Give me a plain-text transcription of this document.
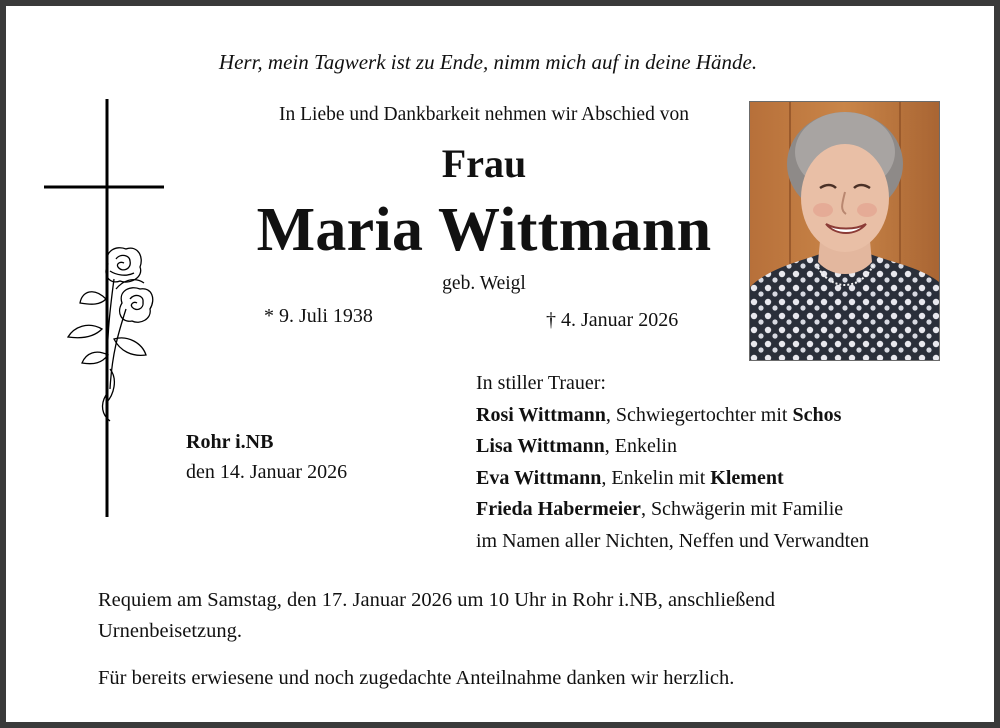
Herr, mein Tagwerk ist zu Ende, nimm mich auf in deine Hände.
In Liebe und Dankbarkeit nehmen wir Abschied von
Frau
Maria Wittmann
geb. Weigl
* 9. Juli 1938	† 4. Januar 2026
Rohr i.NB
den 14. Januar 2026
In stiller Trauer:
Rosi Wittmann, Schwiegertochter mit Schos
Lisa Wittmann, Enkelin
Eva Wittmann, Enkelin mit Klement
Frieda Habermeier, Schwägerin mit Familie
im Namen aller Nichten, Neffen und Verwandten
Requiem am Samstag, den 17. Januar 2026 um 10 Uhr in Rohr i.NB, anschließend Urnenbeisetzung.
Für bereits erwiesene und noch zugedachte Anteilnahme danken wir herzlich.
